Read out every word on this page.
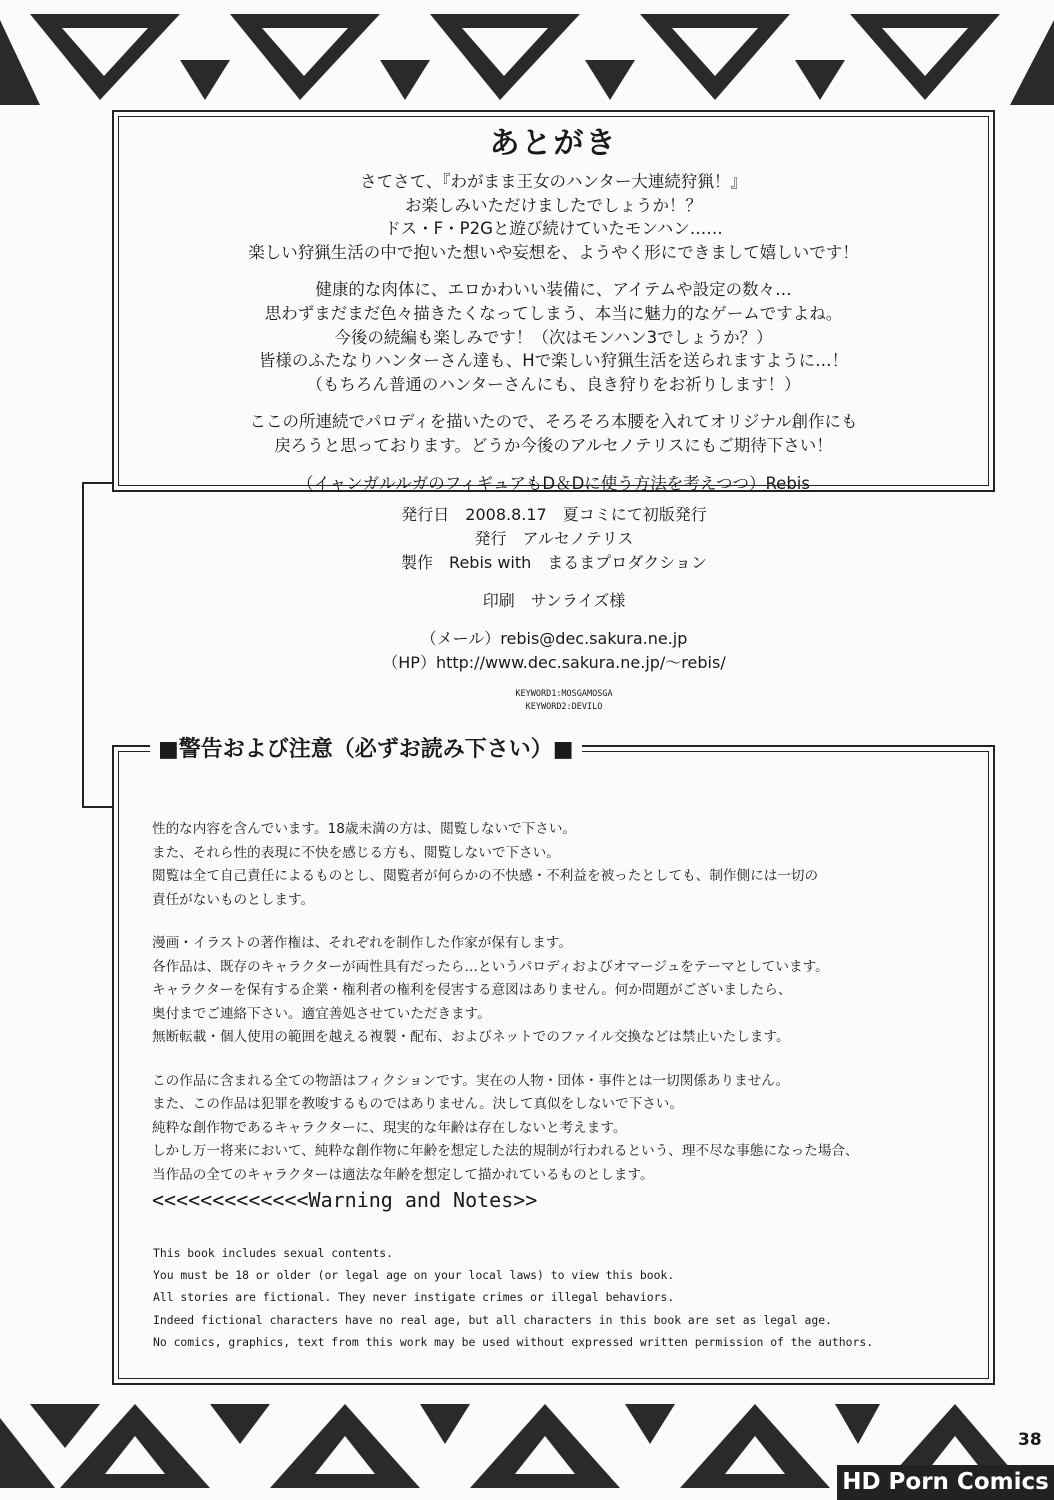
あとがき

さてさて、『わがまま王女のハンター大連続狩猟！』
お楽しみいただけましたでしょうか！？
ドス・F・P2Gと遊び続けていたモンハン……
楽しい狩猟生活の中で抱いた想いや妄想を、ようやく形にできまして嬉しいです！

健康的な肉体に、エロかわいい装備に、アイテムや設定の数々…
思わずまだまだ色々描きたくなってしまう、本当に魅力的なゲームですよね。
今後の続編も楽しみです！（次はモンハン3でしょうか？）
皆様のふたなりハンターさん達も、Hで楽しい狩猟生活を送られますように…！
（もちろん普通のハンターさんにも、良き狩りをお祈りします！）

ここの所連続でパロディを描いたので、そろそろ本腰を入れてオリジナル創作にも
戻ろうと思っております。どうか今後のアルセノテリスにもご期待下さい！

（イャンガルルガのフィギュアもD＆Dに使う方法を考えつつ）Rebis

発行日　2008.8.17　夏コミにて初版発行
発行　アルセノテリス
製作　Rebis with　まるまプロダクション
印刷　サンライズ様
（メール）rebis@dec.sakura.ne.jp
（HP）http://www.dec.sakura.ne.jp/～rebis/
KEYWORD1:MOSGAMOSGA
KEYWORD2:DEVILO
■警告および注意（必ずお読み下さい）■

性的な内容を含んでいます。18歳未満の方は、閲覧しないで下さい。
また、それら性的表現に不快を感じる方も、閲覧しないで下さい。
閲覧は全て自己責任によるものとし、閲覧者が何らかの不快感・不利益を被ったとしても、制作側には一切の
責任がないものとします。

漫画・イラストの著作権は、それぞれを制作した作家が保有します。
各作品は、既存のキャラクターが両性具有だったら…というパロディおよびオマージュをテーマとしています。
キャラクターを保有する企業・権利者の権利を侵害する意図はありません。何か問題がございましたら、
奥付までご連絡下さい。適宜善処させていただきます。
無断転載・個人使用の範囲を越える複製・配布、およびネットでのファイル交換などは禁止いたします。

この作品に含まれる全ての物語はフィクションです。実在の人物・団体・事件とは一切関係ありません。
また、この作品は犯罪を教唆するものではありません。決して真似をしないで下さい。
純粋な創作物であるキャラクターに、現実的な年齢は存在しないと考えます。
しかし万一将来において、純粋な創作物に年齢を想定した法的規制が行われるという、理不尽な事態になった場合、
当作品の全てのキャラクターは適法な年齢を想定して描かれているものとします。

<<<<<<<<<<<<<Warning and Notes>>
This book includes sexual contents.
You must be 18 or older (or legal age on your local laws) to view this book.
All stories are fictional. They never instigate crimes or illegal behaviors.
Indeed fictional characters have no real age, but all characters in this book are set as legal age.
No comics, graphics, text from this work may be used without expressed written permission of the authors.
38
HD Porn Comics
